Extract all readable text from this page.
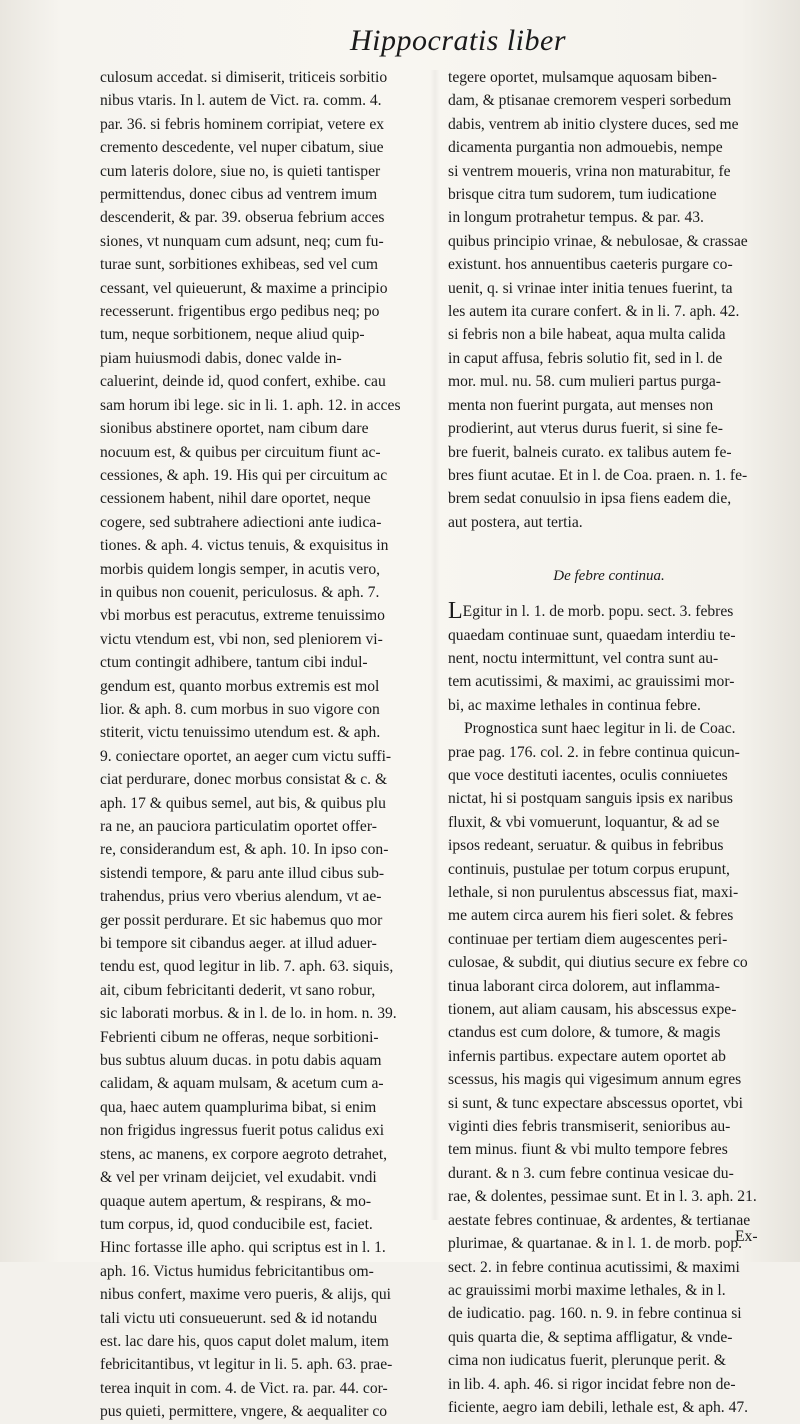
Hippocratis liber
culosum accedat. si dimiserit, triticeis sorbitio
nibus vtaris. In l. autem de Vict. ra. comm. 4.
par. 36. si febris hominem corripiat, vetere ex
cremento descedente, vel nuper cibatum, siue
cum lateris dolore, siue no, is quieti tantisper
permittendus, donec cibus ad ventrem imum
descenderit, & par. 39. obserua febrium acces
siones, vt nunquam cum adsunt, neq; cum fu-
turae sunt, sorbitiones exhibeas, sed vel cum
cessant, vel quieuerunt, & maxime a principio
recesserunt. frigentibus ergo pedibus neq; po
tum, neque sorbitionem, neque aliud quip-
piam huiusmodi dabis, donec valde in-
caluerint, deinde id, quod confert, exhibe. cau
sam horum ibi lege. sic in li. 1. aph. 12. in acces
sionibus abstinere oportet, nam cibum dare
nocuum est, & quibus per circuitum fiunt ac-
cessiones, & aph. 19. His qui per circuitum ac
cessionem habent, nihil dare oportet, neque
cogere, sed subtrahere adiectioni ante iudica-
tiones. & aph. 4. victus tenuis, & exquisitus in
morbis quidem longis semper, in acutis vero,
in quibus non couenit, periculosus. & aph. 7.
vbi morbus est peracutus, extreme tenuissimo
victu vtendum est, vbi non, sed pleniorem vi-
ctum contingit adhibere, tantum cibi indul-
gendum est, quanto morbus extremis est mol
lior. & aph. 8. cum morbus in suo vigore con
stiterit, victu tenuissimo utendum est. & aph.
9. coniectare oportet, an aeger cum victu suffi-
ciat perdurare, donec morbus consistat & c. &
aph. 17 & quibus semel, aut bis, & quibus plu
ra ne, an pauciora particulatim oportet offer-
re, considerandum est, & aph. 10. In ipso con-
sistendi tempore, & paru ante illud cibus sub-
trahendus, prius vero vberius alendum, vt ae-
ger possit perdurare. Et sic habemus quo mor
bi tempore sit cibandus aeger. at illud aduer-
tendu est, quod legitur in lib. 7. aph. 63. siquis,
ait, cibum febricitanti dederit, vt sano robur,
sic laborati morbus. & in l. de lo. in hom. n. 39.
Febrienti cibum ne offeras, neque sorbitioni-
bus subtus aluum ducas. in potu dabis aquam
calidam, & aquam mulsam, & acetum cum a-
qua, haec autem quamplurima bibat, si enim
non frigidus ingressus fuerit potus calidus exi
stens, ac manens, ex corpore aegroto detrahet,
& vel per vrinam deijciet, vel exudabit. vndi
quaque autem apertum, & respirans, & mo-
tum corpus, id, quod conducibile est, faciet.
Hinc fortasse ille apho. qui scriptus est in l. 1.
aph. 16. Victus humidus febricitantibus om-
nibus confert, maxime vero pueris, & alijs, qui
tali victu uti consueuerunt. sed & id notandu
est. lac dare his, quos caput dolet malum, item
febricitantibus, vt legitur in li. 5. aph. 63. prae-
terea inquit in com. 4. de Vict. ra. par. 44. cor-
pus quieti, permittere, vngere, & aequaliter co
tegere oportet, mulsamque aquosam biben-
dam, & ptisanae cremorem vesperi sorbedum
dabis, ventrem ab initio clystere duces, sed me
dicamenta purgantia non admouebis, nempe
si ventrem moueris, vrina non maturabitur, fe
brisque citra tum sudorem, tum iudicatione
in longum protrahetur tempus. & par. 43.
quibus principio vrinae, & nebulosae, & crassae
existunt. hos annuentibus caeteris purgare co-
uenit, q. si vrinae inter initia tenues fuerint, ta
les autem ita curare confert. & in li. 7. aph. 42.
si febris non a bile habeat, aqua multa calida
in caput affusa, febris solutio fit, sed in l. de
mor. mul. nu. 58. cum mulieri partus purga-
menta non fuerint purgata, aut menses non
prodierint, aut vterus durus fuerit, si sine fe-
bre fuerit, balneis curato. ex talibus autem fe-
bres fiunt acutae. Et in l. de Coa. praen. n. 1. fe-
brem sedat conuulsio in ipsa fiens eadem die,
aut postera, aut tertia.
De febre continua.
LEgitur in l. 1. de morb. popu. sect. 3. febres
quaedam continuae sunt, quaedam interdiu te-
nent, noctu intermittunt, vel contra sunt au-
tem acutissimi, & maximi, ac grauissimi mor-
bi, ac maxime lethales in continua febre.
Prognostica sunt haec legitur in li. de Coac.
prae pag. 176. col. 2. in febre continua quicun-
que voce destituti iacentes, oculis conniuetes
nictat, hi si postquam sanguis ipsis ex naribus
fluxit, & vbi vomuerunt, loquantur, & ad se
ipsos redeant, seruatur. & quibus in febribus
continuis, pustulae per totum corpus erupunt,
lethale, si non purulentus abscessus fiat, maxi-
me autem circa aurem his fieri solet. & febres
continuae per tertiam diem augescentes peri-
culosae, & subdit, qui diutius secure ex febre co
tinua laborant circa dolorem, aut inflamma-
tionem, aut aliam causam, his abscessus expe-
ctandus est cum dolore, & tumore, & magis
infernis partibus. expectare autem oportet ab
scessus, his magis qui vigesimum annum egres
si sunt, & tunc expectare abscessus oportet, vbi
viginti dies febris transmiserit, senioribus au-
tem minus. fiunt & vbi multo tempore febres
durant. & n 3. cum febre continua vesicae du-
rae, & dolentes, pessimae sunt. Et in l. 3. aph. 21.
aestate febres continuae, & ardentes, & tertianae
plurimae, & quartanae. & in l. 1. de morb. pop.
sect. 2. in febre continua acutissimi, & maximi
ac grauissimi morbi maxime lethales, & in l.
de iudicatio. pag. 160. n. 9. in febre continua si
quis quarta die, & septima affligatur, & vnde-
cima non iudicatus fuerit, plerunque perit. &
in lib. 4. aph. 46. si rigor incidat febre non de-
ficiente, aegro iam debili, lethale est, & aph. 47.
Ex-
